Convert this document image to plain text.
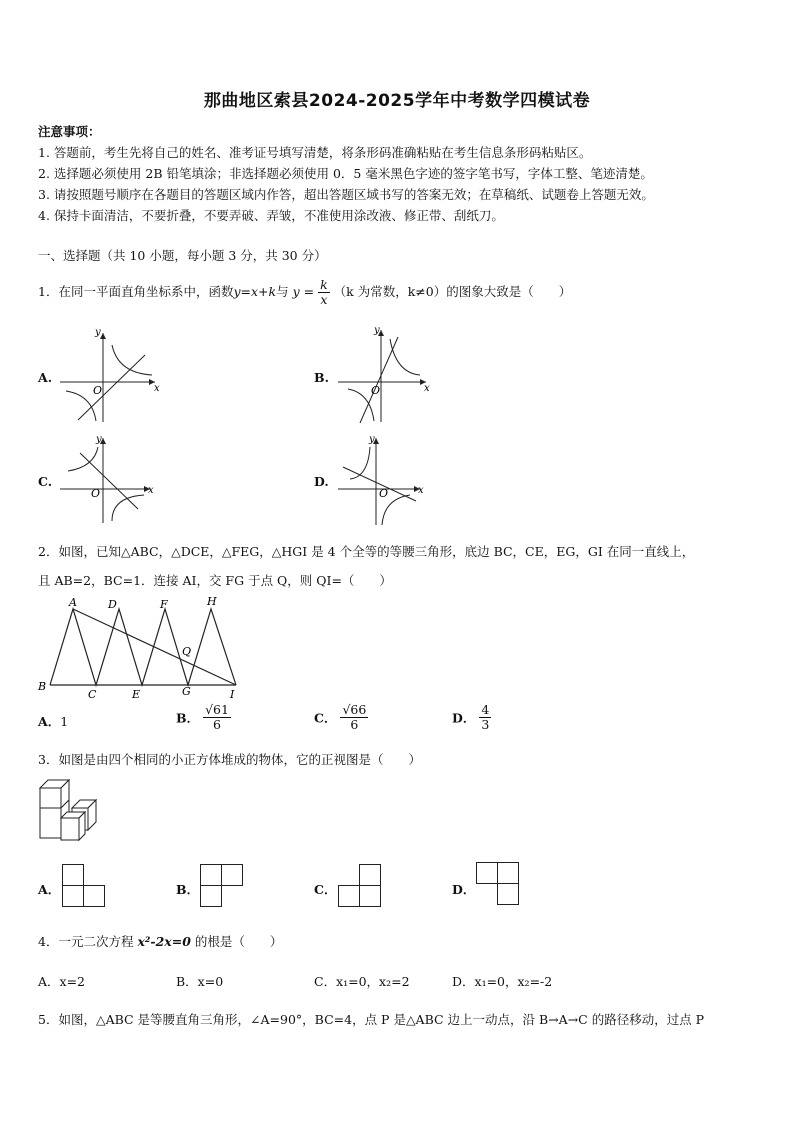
那曲地区索县2024-2025学年中考数学四模试卷
注意事项：
1. 答题前，考生先将自己的姓名、准考证号填写清楚，将条形码准确粘贴在考生信息条形码粘贴区。
2. 选择题必须使用 2B 铅笔填涂；非选择题必须使用 0．5 毫米黑色字迹的签字笔书写，字体工整、笔迹清楚。
3. 请按照题号顺序在各题目的答题区域内作答，超出答题区域书写的答案无效；在草稿纸、试题卷上答题无效。
4. 保持卡面清洁，不要折叠，不要弄破、弄皱，不准使用涂改液、修正带、刮纸刀。
一、选择题（共 10 小题，每小题 3 分，共 30 分）
1．在同一平面直角坐标系中，函数y=x+k与 $y = \frac{k}{x} (k$ 为常数，k≠0）的图象大致是（　　）
A.	B.
C.	D.
x
y
O	x
y
O
x
y
O	x
y
O
2．如图，已知△ABC，△DCE，△FEG，△HGI 是 4 个全等的等腰三角形，底边 BC，CE，EG，GI 在同一直线上，
且 AB=2，BC=1．连接 AI，交 FG 于点 Q，则 QI=（　　）
A	D	F	H
Q
B
C	E	G	I
A．1	B． $\frac{√61}{6}$	C． $\frac{√66}{6}$	D． $\frac{4}{3}$
3．如图是由四个相同的小正方体堆成的物体，它的正视图是（　　）
A．	B．	C．	D．
4．一元二次方程 x²-2x=0 的根是（　　）
A．x=2	B．x=0	C．x₁=0，x₂=2	D．x₁=0，x₂=-2
5．如图，△ABC 是等腰直角三角形，∠A=90°，BC=4，点 P 是△ABC 边上一动点，沿 B→A→C 的路径移动，过点 P
